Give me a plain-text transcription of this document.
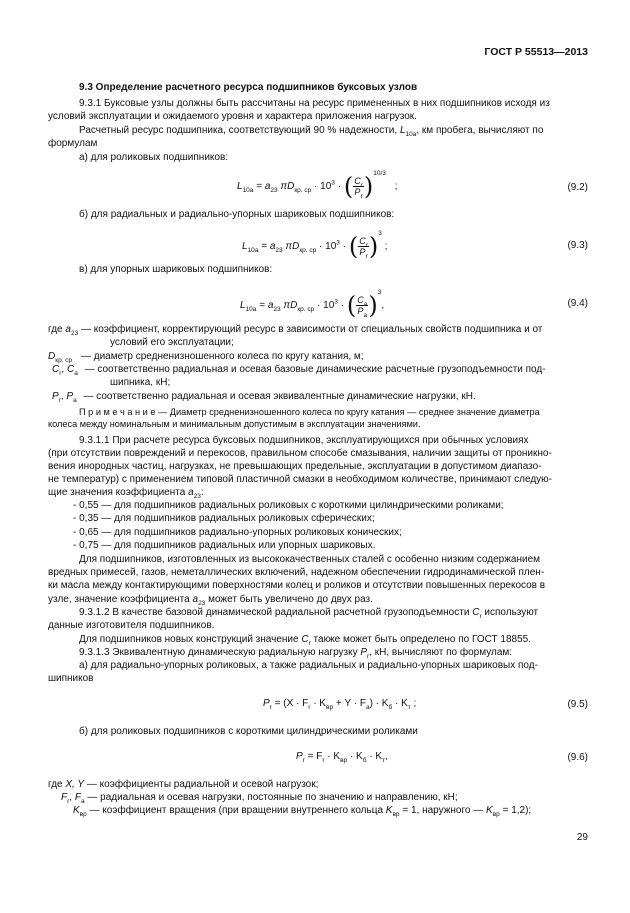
ГОСТ Р 55513—2013
9.3 Определение расчетного ресурса подшипников буксовых узлов
9.3.1 Буксовые узлы должны быть рассчитаны на ресурс примененных в них подшипников исходя из
условий эксплуатации и ожидаемого уровня и характера приложения нагрузок.
Расчетный ресурс подшипника, соответствующий 90 % надежности, $L_{10a}$, км пробега, вычисляют по
формулам
а) для роликовых подшипников:
$L_{10a} = a_{23}$ $\pi D_{кр. ср} \cdot 10^3$ · ( $\frac{C_r}{P_r} )^{10/3}$ ;	(9.2)
б) для радиальных и радиально-упорных шариковых подшипников:
$L_{10a} = a_{23}$ $\pi D_{кр. ср} \cdot 10^3$ · ( $\frac{C_r}{P_r} )^3$ ;	(9.3)
в) для упорных шариковых подшипников:
$L_{10a} = a_{23}$ $\pi D_{кр. ср} \cdot 10^3$ · ( $\frac{C_a}{P_a} )^3$,	(9.4)
где $a_{23}$ — коэффициент, корректирующий ресурс в зависимости от специальных свойств подшипника и от
условий его эксплуатации;
$D_{кр. ср}$ — диаметр средненизношенного колеса по кругу катания, м;
$C_r$, $C_a$ — соответственно радиальная и осевая базовые динамические расчетные грузоподъемности под-
шипника, кН;
$P_r$, $P_a$ — соответственно радиальная и осевая эквивалентные динамические нагрузки, кН.
П р и м е ч а н и е — Диаметр средненизношенного колеса по кругу катания — среднее значение диаметра
колеса между номинальным и минимальным допустимым в эксплуатации значениями.
9.3.1.1 При расчете ресурса буксовых подшипников, эксплуатирующихся при обычных условиях
(при отсутствии повреждений и перекосов, правильном способе смазывания, наличии защиты от проникно-
вения инородных частиц, нагрузках, не превышающих предельные, эксплуатации в допустимом диапазо-
не температур) с применением типовой пластичной смазки в необходимом количестве, принимают следую-
щие значения коэффициента $a_{23}$:
- 0,55 — для подшипников радиальных роликовых с короткими цилиндрическими роликами;
- 0,35 — для подшипников радиальных роликовых сферических;
- 0,65 — для подшипников радиально-упорных роликовых конических;
- 0,75 — для подшипников радиальных или упорных шариковых.
Для подшипников, изготовленных из высококачественных сталей с особенно низким содержанием
вредных примесей, газов, неметаллических включений, надежном обеспечении гидродинамической плен-
ки масла между контактирующими поверхностями колец и роликов и отсутствии повышенных перекосов в
узле, значение коэффициента $a_{23}$ может быть увеличено до двух раз.
9.3.1.2 В качестве базовой динамической радиальной расчетной грузоподъемности $C_r$ используют
данные изготовителя подшипников.
Для подшипников новых конструкций значение $C_r$ также может быть определено по ГОСТ 18855.
9.3.1.3 Эквивалентную динамическую радиальную нагрузку $P_r$, кН, вычисляют по формулам:
а) для радиально-упорных роликовых, а также радиальных и радиально-упорных шариковых под-
шипников
$P_r = (X \cdot F_r \cdot K_{вр} + Y \cdot F_a) \cdot K_б \cdot K_т$ ;	(9.5)
б) для роликовых подшипников с короткими цилиндрическими роликами
$P_r = F_r \cdot K_{вр} \cdot K_б \cdot K_т$,	(9.6)
где X, Y — коэффициенты радиальной и осевой нагрузок;
$F_r$, $F_a$ — радиальная и осевая нагрузки, постоянные по значению и направлению, кН;
$K_{вр}$ — коэффициент вращения (при вращении внутреннего кольца $K_{вр} = 1$, наружного — $K_{вр} = 1,2$);
29
